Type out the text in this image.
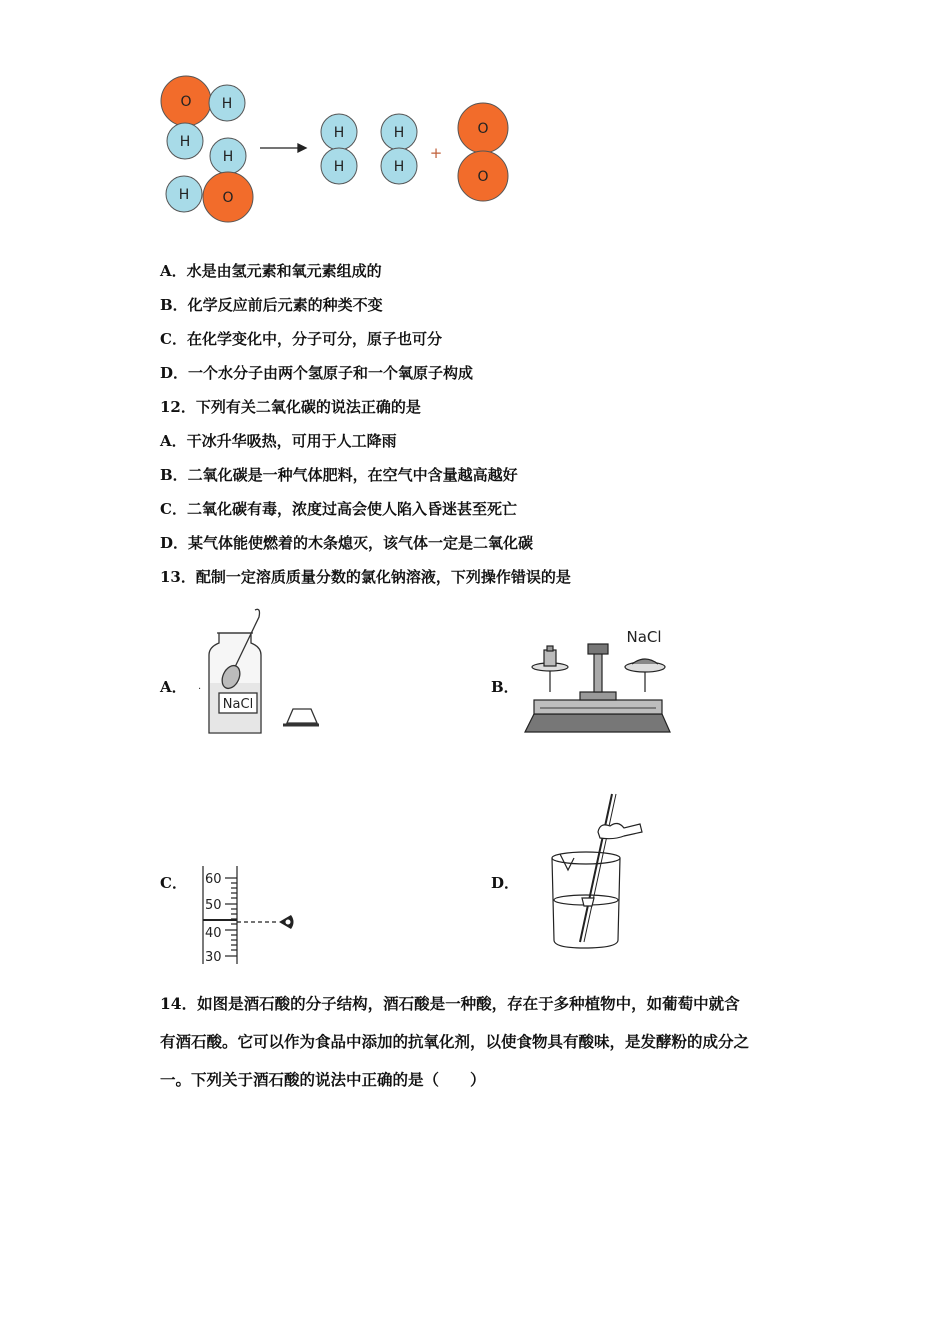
O H
H
H
H O
H
H
H
H
O
O
+
A．水是由氢元素和氧元素组成的
B．化学反应前后元素的种类不变
C．在化学变化中，分子可分，原子也可分
D．一个水分子由两个氢原子和一个氧原子构成
12．下列有关二氧化碳的说法正确的是
A．干冰升华吸热，可用于人工降雨
B．二氧化碳是一种气体肥料，在空气中含量越高越好
C．二氧化碳有毒，浓度过高会使人陷入昏迷甚至死亡
D．某气体能使燃着的木条熄灭，该气体一定是二氧化碳
13．配制一定溶质质量分数的氯化钠溶液，下列操作错误的是
A．	B．
C．	D．
NaCl
.
NaCl
60
50
40
30
14．如图是酒石酸的分子结构，酒石酸是一种酸，存在于多种植物中，如葡萄中就含
有酒石酸。它可以作为食品中添加的抗氧化剂，以使食物具有酸味，是发酵粉的成分之
一。下列关于酒石酸的说法中正确的是（　　）
